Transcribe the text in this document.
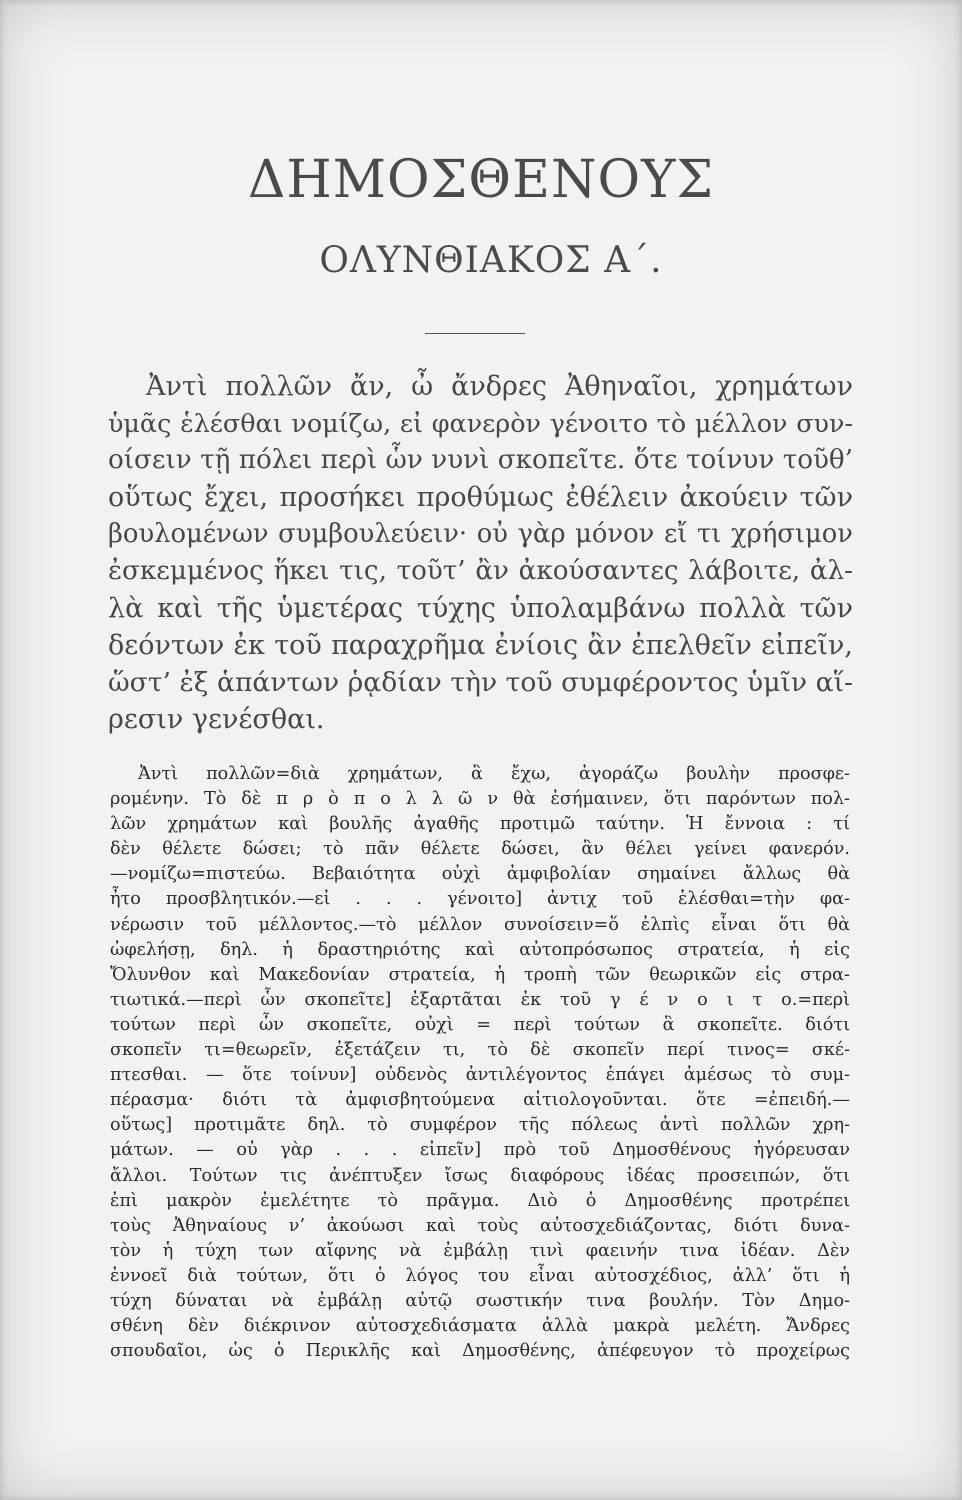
ΔΗΜΟΣΘΕΝΟΥΣ
ΟΛΥΝΘΙΑΚΟΣ Α΄.
Ἀντὶ πολλῶν ἄν, ὦ ἄνδρες Ἀθηναῖοι, χρημάτων
ὑμᾶς ἑλέσθαι νομίζω, εἰ φανερὸν γένοιτο τὸ μέλλον συν-
οίσειν τῇ πόλει περὶ ὧν νυνὶ σκοπεῖτε. ὅτε τοίνυν τοῦθ’
οὕτως ἔχει, προσήκει προθύμως ἐθέλειν ἀκούειν τῶν
βουλομένων συμβουλεύειν· οὐ γὰρ μόνον εἴ τι χρήσιμον
ἐσκεμμένος ἥκει τις, τοῦτ’ ἂν ἀκούσαντες λάβοιτε, ἀλ-
λὰ καὶ τῆς ὑμετέρας τύχης ὑπολαμβάνω πολλὰ τῶν
δεόντων ἐκ τοῦ παραχρῆμα ἐνίοις ἂν ἐπελθεῖν εἰπεῖν,
ὥστ’ ἐξ ἁπάντων ῥᾳδίαν τὴν τοῦ συμφέροντος ὑμῖν αἵ-
ρεσιν γενέσθαι.
Ἀντὶ πολλῶν=διὰ χρημάτων, ἃ ἔχω, ἀγοράζω βουλὴν προσφε-
ρομένην. Τὸ δὲ π ρ ὸ π ο λ λ ῶ ν θὰ ἐσήμαινεν, ὅτι παρόντων πολ-
λῶν χρημάτων καὶ βουλῆς ἀγαθῆς προτιμῶ ταύτην. Ἡ ἔννοια : τί
δὲν θέλετε δώσει; τὸ πᾶν θέλετε δώσει, ἂν θέλει γείνει φανερόν.
—νομίζω=πιστεύω. Βεβαιότητα οὐχὶ ἀμφιβολίαν σημαίνει ἄλλως θὰ
ἦτο προσβλητικόν.—εἰ . . . γένοιτο] ἀντιχ τοῦ ἑλέσθαι=τὴν φα-
νέρωσιν τοῦ μέλλοντος.—τὸ μέλλον συνοίσειν=ὅ ἐλπὶς εἶναι ὅτι θὰ
ὠφελήσῃ, δηλ. ἡ δραστηριότης καὶ αὐτοπρόσωπος στρατεία, ἡ εἰς
Ὄλυνθον καὶ Μακεδονίαν στρατεία, ἡ τροπὴ τῶν θεωρικῶν εἰς στρα-
τιωτικά.—περὶ ὧν σκοπεῖτε] ἐξαρτᾶται ἐκ τοῦ γ έ ν ο ι τ ο.=περὶ
τούτων περὶ ὧν σκοπεῖτε, οὐχὶ = περὶ τούτων ἃ σκοπεῖτε. διότι
σκοπεῖν τι=θεωρεῖν, ἐξετάζειν τι, τὸ δὲ σκοπεῖν περί τινος= σκέ-
πτεσθαι. — ὅτε τοίνυν] οὐδενὸς ἀντιλέγοντος ἐπάγει ἀμέσως τὸ συμ-
πέρασμα· διότι τὰ ἀμφισβητούμενα αἰτιολογοῦνται. ὅτε =ἐπειδή.—
οὕτως] προτιμᾶτε δηλ. τὸ συμφέρον τῆς πόλεως ἀντὶ πολλῶν χρη-
μάτων. — οὐ γὰρ . . . εἰπεῖν] πρὸ τοῦ Δημοσθένους ἠγόρευσαν
ἄλλοι. Τούτων τις ἀνέπτυξεν ἴσως διαφόρους ἰδέας προσειπών, ὅτι
ἐπὶ μακρὸν ἐμελέτητε τὸ πρᾶγμα. Διὸ ὁ Δημοσθένης προτρέπει
τοὺς Ἀθηναίους ν’ ἀκούωσι καὶ τοὺς αὐτοσχεδιάζοντας, διότι δυνα-
τὸν ἡ τύχη των αἴφνης νὰ ἐμβάλῃ τινὶ φαεινήν τινα ἰδέαν. Δὲν
ἐννοεῖ διὰ τούτων, ὅτι ὁ λόγος του εἶναι αὐτοσχέδιος, ἀλλ’ ὅτι ἡ
τύχη δύναται νὰ ἐμβάλῃ αὐτῷ σωστικήν τινα βουλήν. Τὸν Δημο-
σθένη δὲν διέκρινον αὐτοσχεδιάσματα ἀλλὰ μακρὰ μελέτη. Ἄνδρες
σπουδαῖοι, ὡς ὁ Περικλῆς καὶ Δημοσθένης, ἀπέφευγον τὸ προχείρως
